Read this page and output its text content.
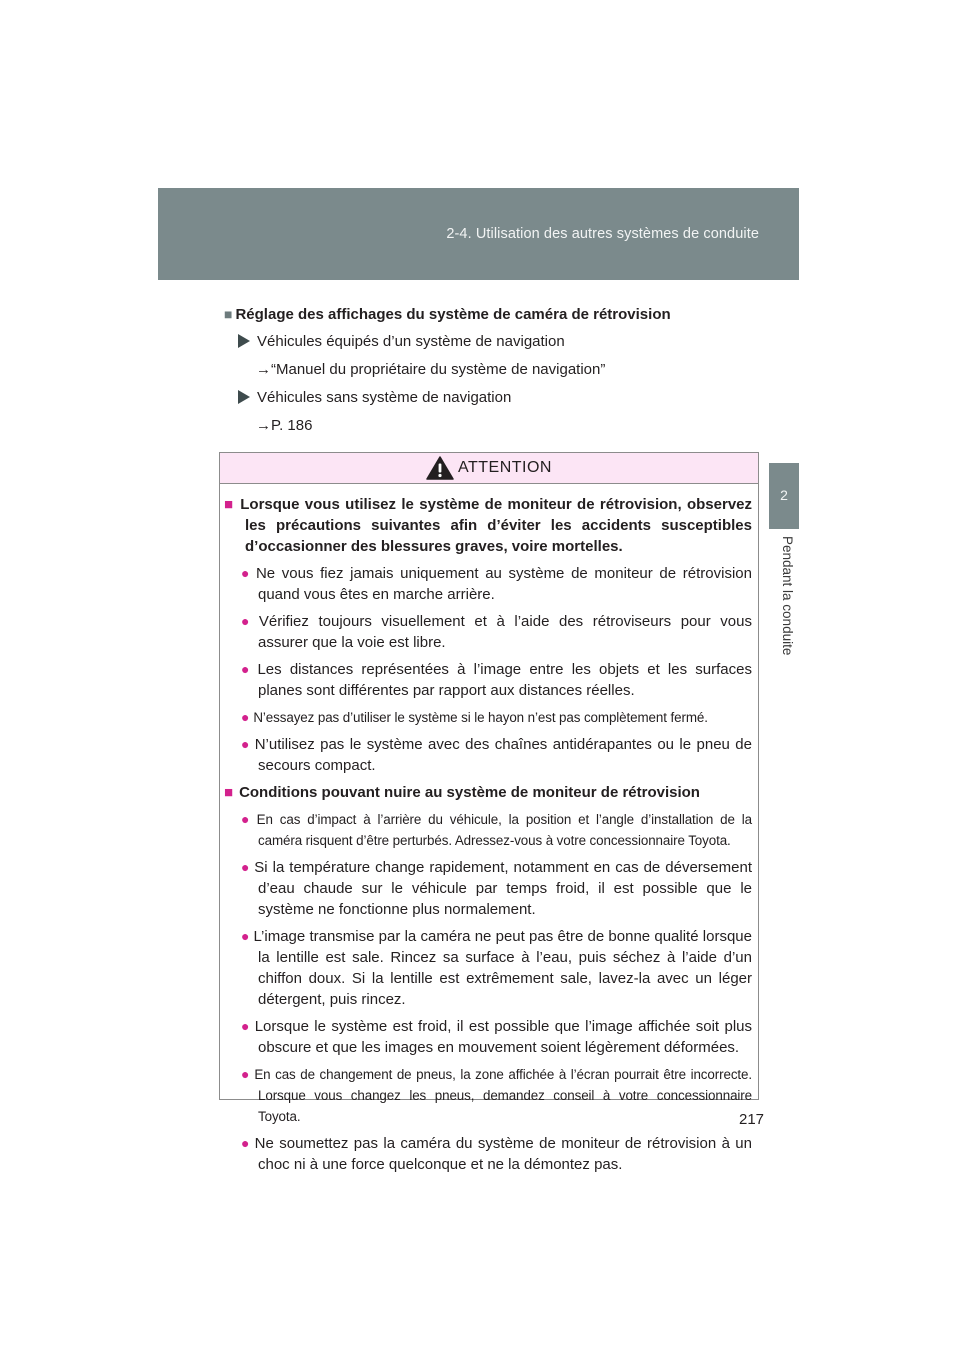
2-4. Utilisation des autres systèmes de conduite
2
Pendant la conduite
■ Réglage des affichages du système de caméra de rétrovision
Véhicules équipés d’un système de navigation
→“Manuel du propriétaire du système de navigation”
Véhicules sans système de navigation
→P. 186
ATTENTION

■ Lorsque vous utilisez le système de moniteur de rétrovision, observez les précautions suivantes afin d’éviter les accidents susceptibles d’occasionner des blessures graves, voire mortelles.

● Ne vous fiez jamais uniquement au système de moniteur de rétrovision quand vous êtes en marche arrière.

● Vérifiez toujours visuellement et à l’aide des rétroviseurs pour vous assurer que la voie est libre.

● Les distances représentées à l’image entre les objets et les surfaces planes sont différentes par rapport aux distances réelles.

● N’essayez pas d’utiliser le système si le hayon n’est pas complètement fermé.

● N’utilisez pas le système avec des chaînes antidérapantes ou le pneu de secours compact.

■ Conditions pouvant nuire au système de moniteur de rétrovision

● En cas d’impact à l’arrière du véhicule, la position et l’angle d’installation de la caméra risquent d’être perturbés. Adressez-vous à votre concessionnaire Toyota.

● Si la température change rapidement, notamment en cas de déversement d’eau chaude sur le véhicule par temps froid, il est possible que le système ne fonctionne plus normalement.

● L’image transmise par la caméra ne peut pas être de bonne qualité lorsque la lentille est sale. Rincez sa surface à l’eau, puis séchez à l’aide d’un chiffon doux. Si la lentille est extrêmement sale, lavez-la avec un léger détergent, puis rincez.

● Lorsque le système est froid, il est possible que l’image affichée soit plus obscure et que les images en mouvement soient légèrement déformées.

● En cas de changement de pneus, la zone affichée à l’écran pourrait être incorrecte. Lorsque vous changez les pneus, demandez conseil à votre concessionnaire Toyota.

● Ne soumettez pas la caméra du système de moniteur de rétrovision à un choc ni à une force quelconque et ne la démontez pas.

217
